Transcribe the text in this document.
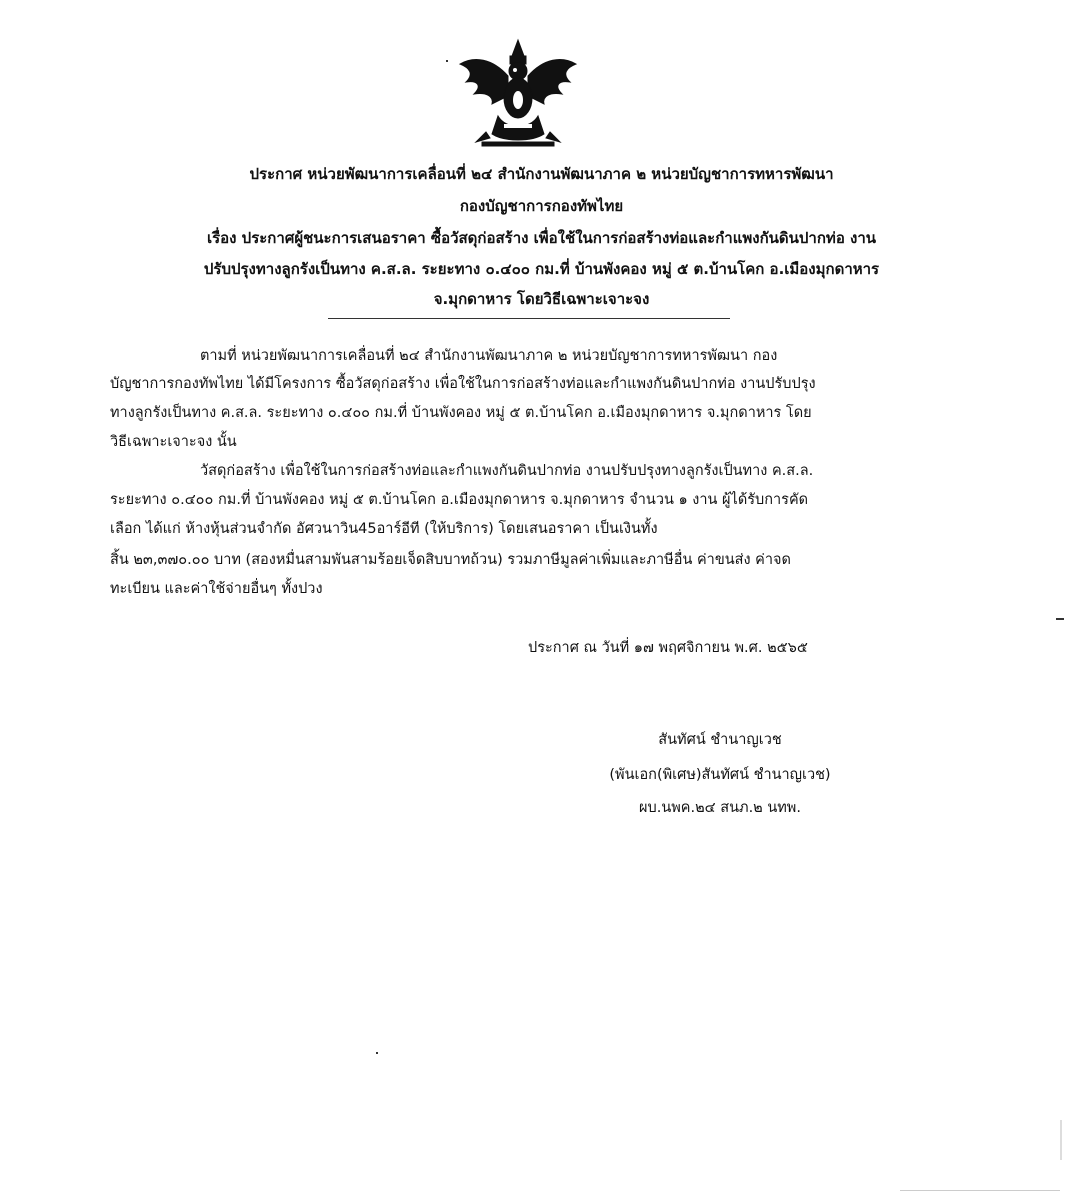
ประกาศ หน่วยพัฒนาการเคลื่อนที่ ๒๔ สำนักงานพัฒนาภาค ๒ หน่วยบัญชาการทหารพัฒนา
กองบัญชาการกองทัพไทย
เรื่อง ประกาศผู้ชนะการเสนอราคา ซื้อวัสดุก่อสร้าง เพื่อใช้ในการก่อสร้างท่อและกำแพงกันดินปากท่อ งาน
ปรับปรุงทางลูกรังเป็นทาง ค.ส.ล. ระยะทาง ๐.๔๐๐ กม.ที่ บ้านพังคอง หมู่ ๕ ต.บ้านโคก อ.เมืองมุกดาหาร
จ.มุกดาหาร โดยวิธีเฉพาะเจาะจง
ตามที่ หน่วยพัฒนาการเคลื่อนที่ ๒๔ สำนักงานพัฒนาภาค ๒ หน่วยบัญชาการทหารพัฒนา กอง
บัญชาการกองทัพไทย ได้มีโครงการ ซื้อวัสดุก่อสร้าง เพื่อใช้ในการก่อสร้างท่อและกำแพงกันดินปากท่อ งานปรับปรุง
ทางลูกรังเป็นทาง ค.ส.ล. ระยะทาง ๐.๔๐๐ กม.ที่ บ้านพังคอง หมู่ ๕ ต.บ้านโคก อ.เมืองมุกดาหาร จ.มุกดาหาร โดย
วิธีเฉพาะเจาะจง นั้น
วัสดุก่อสร้าง เพื่อใช้ในการก่อสร้างท่อและกำแพงกันดินปากท่อ งานปรับปรุงทางลูกรังเป็นทาง ค.ส.ล.
ระยะทาง ๐.๔๐๐ กม.ที่ บ้านพังคอง หมู่ ๕ ต.บ้านโคก อ.เมืองมุกดาหาร จ.มุกดาหาร จำนวน ๑ งาน ผู้ได้รับการคัด
เลือก ได้แก่ ห้างหุ้นส่วนจำกัด อัศวนาวิน45อาร์อีที (ให้บริการ) โดยเสนอราคา เป็นเงินทั้ง
สิ้น ๒๓,๓๗๐.๐๐ บาท (สองหมื่นสามพันสามร้อยเจ็ดสิบบาทถ้วน) รวมภาษีมูลค่าเพิ่มและภาษีอื่น ค่าขนส่ง ค่าจด
ทะเบียน และค่าใช้จ่ายอื่นๆ ทั้งปวง
ประกาศ ณ วันที่ ๑๗ พฤศจิกายน พ.ศ. ๒๕๖๕
สันทัศน์ ชำนาญเวช
(พันเอก(พิเศษ)สันทัศน์ ชำนาญเวช)
ผบ.นพค.๒๔ สนภ.๒ นทพ.
